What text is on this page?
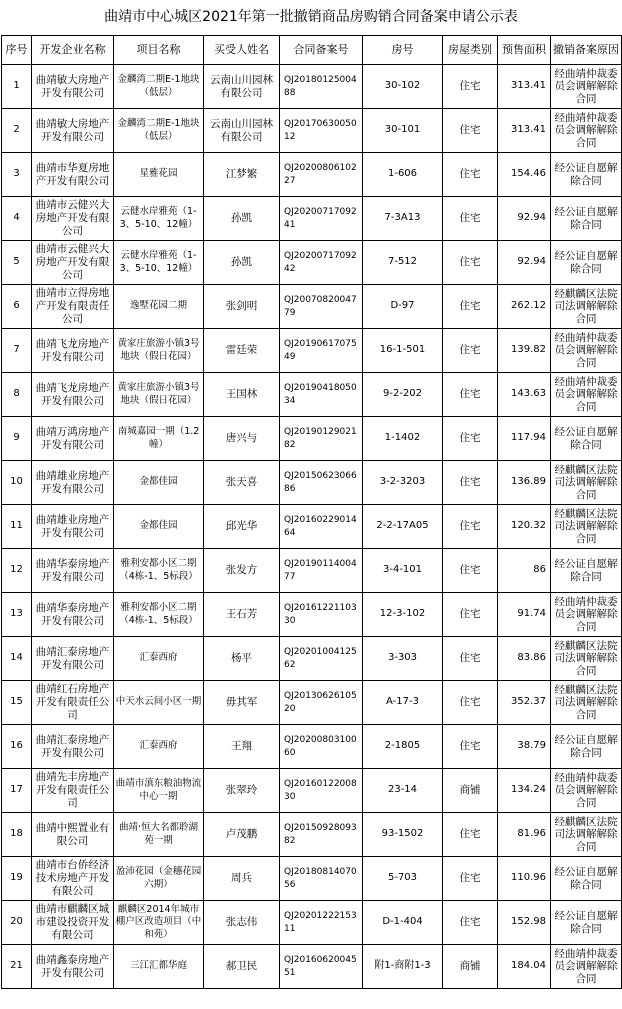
曲靖市中心城区2021年第一批撤销商品房购销合同备案申请公示表
序号	开发企业名称	项目名称	买受人姓名	合同备案号	房号	房屋类别	预售面积	撤销备案原因
1	曲靖敏大房地产开发有限公司	金麟湾二期E-1地块（低层）	云南山川园林有限公司	QJ2018012500488	30-102	住宅	313.41	经曲靖仲裁委员会调解解除合同
2	曲靖敏大房地产开发有限公司	金麟湾二期E-1地块（低层）	云南山川园林有限公司	QJ2017063005012	30-101	住宅	313.41	经曲靖仲裁委员会调解解除合同
3	曲靖市华夏房地产开发有限公司	星雅花园	江梦繁	QJ2020080610227	1-606	住宅	154.46	经公证自愿解除合同
4	曲靖市云健兴大房地产开发有限公司	云健水岸雅苑（1-3、5-10、12幢）	孙凯	QJ2020071709241	7-3A13	住宅	92.94	经公证自愿解除合同
5	曲靖市云健兴大房地产开发有限公司	云健水岸雅苑（1-3、5-10、12幢）	孙凯	QJ2020071709242	7-512	住宅	92.94	经公证自愿解除合同
6	曲靖市立得房地产开发有限责任公司	逸墅花园二期	张剑明	QJ2007082004779	D-97	住宅	262.12	经麒麟区法院司法调解解除合同
7	曲靖飞龙房地产开发有限公司	黄家庄旅游小镇3号地块（假日花园）	雷廷荣	QJ2019061707549	16-1-501	住宅	139.82	经曲靖仲裁委员会调解解除合同
8	曲靖飞龙房地产开发有限公司	黄家庄旅游小镇3号地块（假日花园）	王国林	QJ2019041805034	9-2-202	住宅	143.63	经曲靖仲裁委员会调解解除合同
9	曲靖万鸿房地产开发有限公司	南城嘉园一期（1.2幢）	唐兴与	QJ2019012902182	1-1402	住宅	117.94	经公证自愿解除合同
10	曲靖雄业房地产开发有限公司	金都佳园	张天喜	QJ2015062306686	3-2-3203	住宅	136.89	经麒麟区法院司法调解解除合同
11	曲靖雄业房地产开发有限公司	金都佳园	邱光华	QJ2016022901464	2-2-17A05	住宅	120.32	经麒麟区法院司法调解解除合同
12	曲靖华泰房地产开发有限公司	雅利安都小区二期（4栋-1、5标段）	张发方	QJ2019011400477	3-4-101	住宅	86	经公证自愿解除合同
13	曲靖华泰房地产开发有限公司	雅利安都小区二期（4栋-1、5标段）	王石芳	QJ2016122110330	12-3-102	住宅	91.74	经曲靖仲裁委员会调解解除合同
14	曲靖汇泰房地产开发有限公司	汇泰西府	杨平	QJ2020100412562	3-303	住宅	83.86	经麒麟区法院司法调解解除合同
15	曲靖红石房地产开发有限责任公司	中天水云间小区一期	毋其军	QJ2013062610520	A-17-3	住宅	352.37	经麒麟区法院司法调解解除合同
16	曲靖汇泰房地产开发有限公司	汇泰西府	王翔	QJ2020080310060	2-1805	住宅	38.79	经公证自愿解除合同
17	曲靖先丰房地产开发有限责任公司	曲靖市滇东粮油物流中心一期	张翠玲	QJ2016012200830	23-14	商铺	134.24	经曲靖仲裁委员会调解解除合同
18	曲靖中熙置业有限公司	曲靖·恒大名都聆湖苑一期	卢茂鹏	QJ2015092809382	93-1502	住宅	81.96	经麒麟区法院司法调解解除合同
19	曲靖市台侨经济技术房地产开发有限公司	盈沛花园（金穗花园六期）	周兵	QJ2018081407056	5-703	住宅	110.96	经公证自愿解除合同
20	曲靖市麒麟区城市建设投资开发有限公司	麒麟区2014年城市棚户区改造项目（中和苑）	张志伟	QJ2020122215311	D-1-404	住宅	152.98	经公证自愿解除合同
21	曲靖鑫泰房地产开发有限公司	三江汇都华庭	郝卫民	QJ2016062004551	附1-商附1-3	商铺	184.04	经曲靖仲裁委员会调解解除合同
